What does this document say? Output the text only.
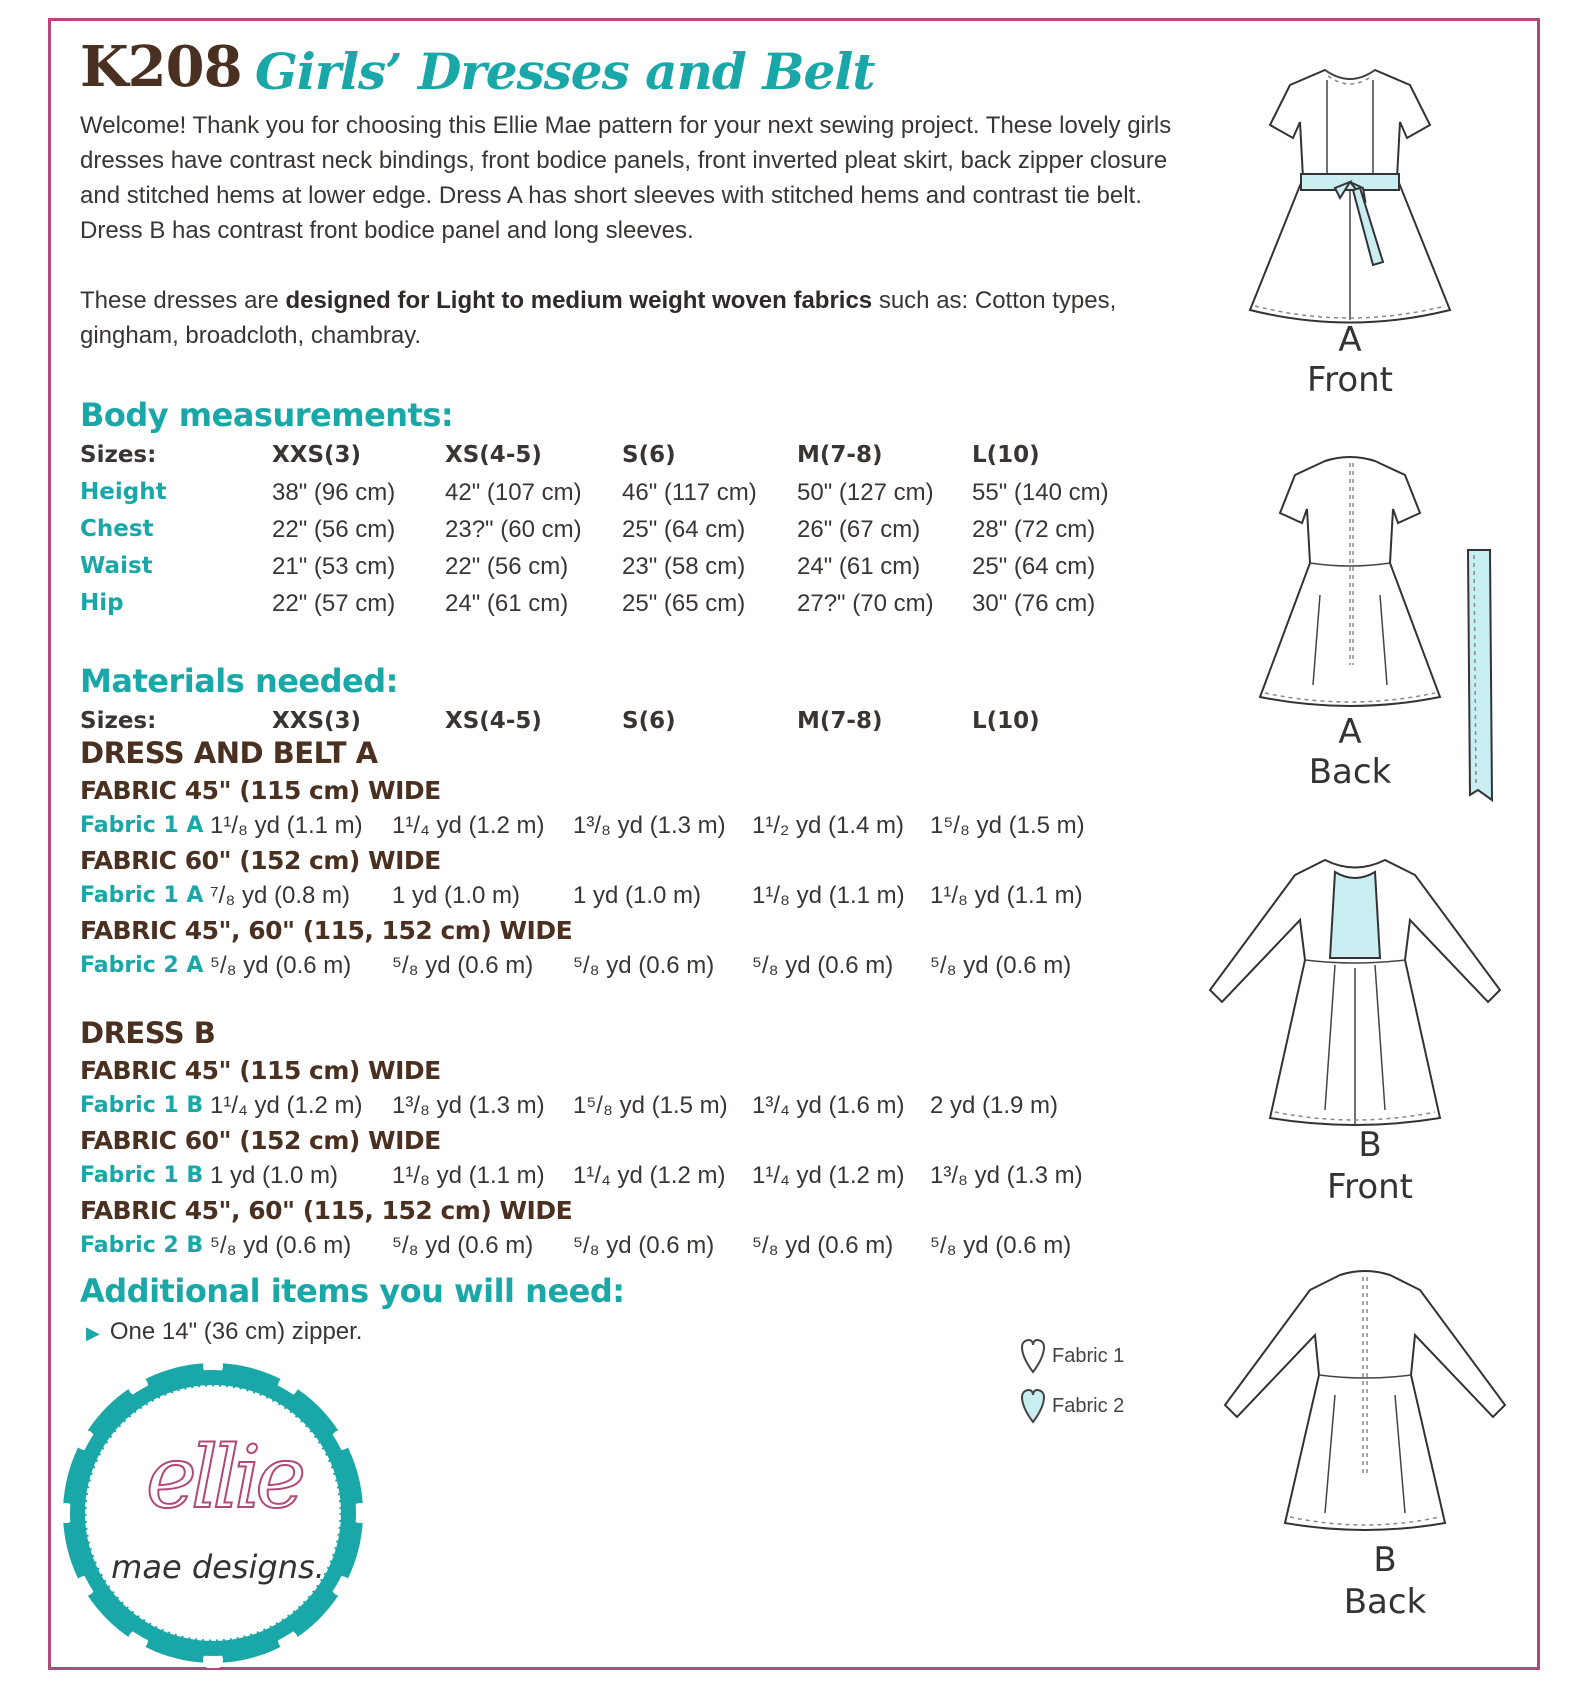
K208 Girls’ Dresses and Belt
Welcome! Thank you for choosing this Ellie Mae pattern for your next sewing project. These lovely girls dresses have contrast neck bindings, front bodice panels, front inverted pleat skirt, back zipper closure and stitched hems at lower edge. Dress A has short sleeves with stitched hems and contrast tie belt. Dress B has contrast front bodice panel and long sleeves.
These dresses are designed for Light to medium weight woven fabrics such as: Cotton types, gingham, broadcloth, chambray.
Body measurements:
Sizes:	XXS(3)	XS(4-5)	S(6)	M(7-8)	L(10)
Height	38" (96 cm) 42" (107 cm) 46" (117 cm) 50" (127 cm) 55" (140 cm)
Chest	22" (56 cm) 23?" (60 cm) 25" (64 cm) 26" (67 cm) 28" (72 cm)
Waist	21" (53 cm) 22" (56 cm) 23" (58 cm) 24" (61 cm) 25" (64 cm)
Hip	22" (57 cm) 24" (61 cm) 25" (65 cm) 27?" (70 cm) 30" (76 cm)
Materials needed:
Sizes:	XXS(3)	XS(4-5)	S(6)	M(7-8)	L(10)
DRESS AND BELT A
FABRIC 45" (115 cm) WIDE
Fabric 1 A 1¹/₈ yd (1.1 m) 1¹/₄ yd (1.2 m) 1³/₈ yd (1.3 m) 1¹/₂ yd (1.4 m) 1⁵/₈ yd (1.5 m)
FABRIC 60" (152 cm) WIDE
Fabric 1 A ⁷/₈ yd (0.8 m) 1 yd (1.0 m) 1 yd (1.0 m) 1¹/₈ yd (1.1 m) 1¹/₈ yd (1.1 m)
FABRIC 45", 60" (115, 152 cm) WIDE
Fabric 2 A ⁵/₈ yd (0.6 m) ⁵/₈ yd (0.6 m) ⁵/₈ yd (0.6 m) ⁵/₈ yd (0.6 m) ⁵/₈ yd (0.6 m)
DRESS B
FABRIC 45" (115 cm) WIDE
Fabric 1 B 1¹/₄ yd (1.2 m) 1³/₈ yd (1.3 m) 1⁵/₈ yd (1.5 m) 1³/₄ yd (1.6 m) 2 yd (1.9 m)
FABRIC 60" (152 cm) WIDE
Fabric 1 B 1 yd (1.0 m) 1¹/₈ yd (1.1 m) 1¹/₄ yd (1.2 m) 1¹/₄ yd (1.2 m) 1³/₈ yd (1.3 m)
FABRIC 45", 60" (115, 152 cm) WIDE
Fabric 2 B ⁵/₈ yd (0.6 m) ⁵/₈ yd (0.6 m) ⁵/₈ yd (0.6 m) ⁵/₈ yd (0.6 m) ⁵/₈ yd (0.6 m)
Additional items you will need:
▶ One 14" (36 cm) zipper.
Fabric 1
Fabric 2
ellie
mae designs.
A
Front
A
Back
B
Front
B
Back
